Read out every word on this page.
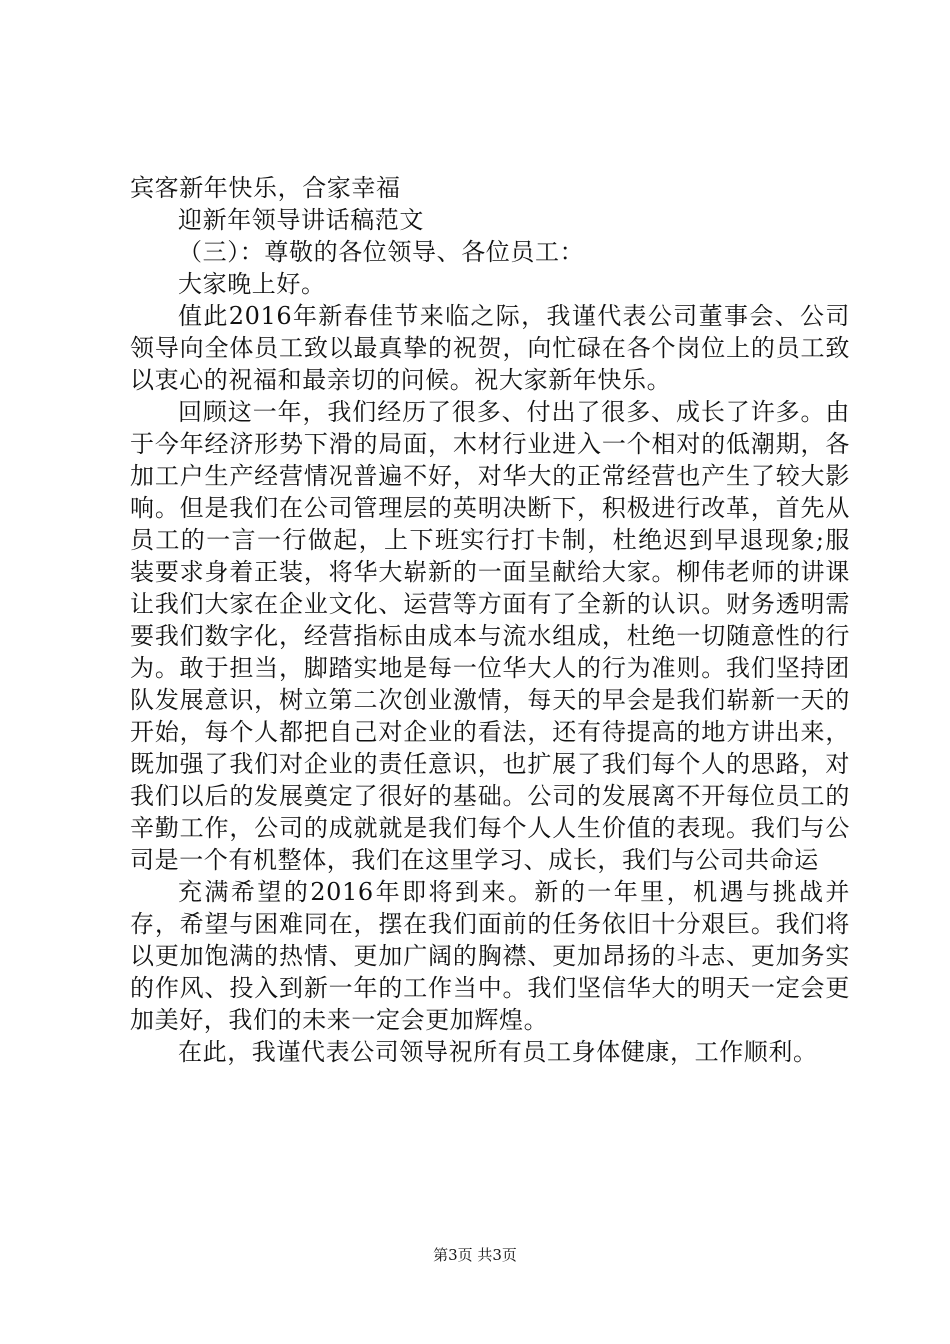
宾客新年快乐，合家幸福

迎新年领导讲话稿范文

（三）：尊敬的各位领导、各位员工：

大家晚上好。

值此2016年新春佳节来临之际，我谨代表公司董事会、公司领导向全体员工致以最真挚的祝贺，向忙碌在各个岗位上的员工致以衷心的祝福和最亲切的问候。祝大家新年快乐。

回顾这一年，我们经历了很多、付出了很多、成长了许多。由于今年经济形势下滑的局面，木材行业进入一个相对的低潮期，各加工户生产经营情况普遍不好，对华大的正常经营也产生了较大影响。但是我们在公司管理层的英明决断下，积极进行改革，首先从员工的一言一行做起，上下班实行打卡制，杜绝迟到早退现象;服装要求身着正装，将华大崭新的一面呈献给大家。柳伟老师的讲课让我们大家在企业文化、运营等方面有了全新的认识。财务透明需要我们数字化，经营指标由成本与流水组成，杜绝一切随意性的行为。敢于担当，脚踏实地是每一位华大人的行为准则。我们坚持团队发展意识，树立第二次创业激情，每天的早会是我们崭新一天的开始，每个人都把自己对企业的看法，还有待提高的地方讲出来，既加强了我们对企业的责任意识，也扩展了我们每个人的思路，对我们以后的发展奠定了很好的基础。公司的发展离不开每位员工的辛勤工作，公司的成就就是我们每个人人生价值的表现。我们与公司是一个有机整体，我们在这里学习、成长，我们与公司共命运

充满希望的2016年即将到来。新的一年里，机遇与挑战并存，希望与困难同在，摆在我们面前的任务依旧十分艰巨。我们将以更加饱满的热情、更加广阔的胸襟、更加昂扬的斗志、更加务实的作风、投入到新一年的工作当中。我们坚信华大的明天一定会更加美好，我们的未来一定会更加辉煌。

在此，我谨代表公司领导祝所有员工身体健康，工作顺利。

第3页 共3页
